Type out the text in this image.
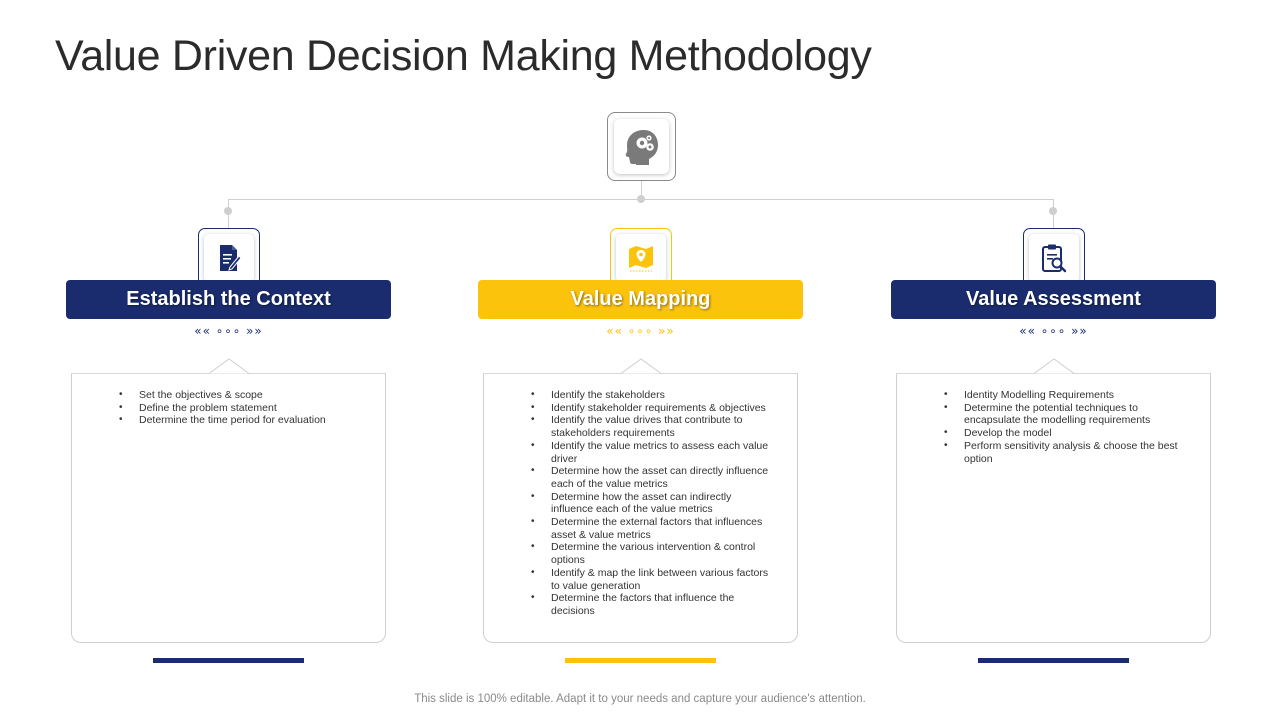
Value Driven Decision Making Methodology
Establish the Context
«« ∘∘∘ »»
• Set the objectives & scope
• Define the problem statement
• Determine the time period for evaluation
Value Mapping
«« ∘∘∘ »»
• Identify the stakeholders
• Identify stakeholder requirements & objectives
• Identify the value drives that contribute to stakeholders requirements
• Identify the value metrics to assess each value driver
• Determine how the asset can directly influence each of the value metrics
• Determine how the asset can indirectly influence each of the value metrics
• Determine the external factors that influences asset & value metrics
• Determine the various intervention & control options
• Identify & map the link between various factors to value generation
• Determine the factors that influence the decisions
Value Assessment
«« ∘∘∘ »»
• Identity Modelling Requirements
• Determine the potential techniques to encapsulate the modelling requirements
• Develop the model
• Perform sensitivity analysis & choose the best option
This slide is 100% editable. Adapt it to your needs and capture your audience's attention.
